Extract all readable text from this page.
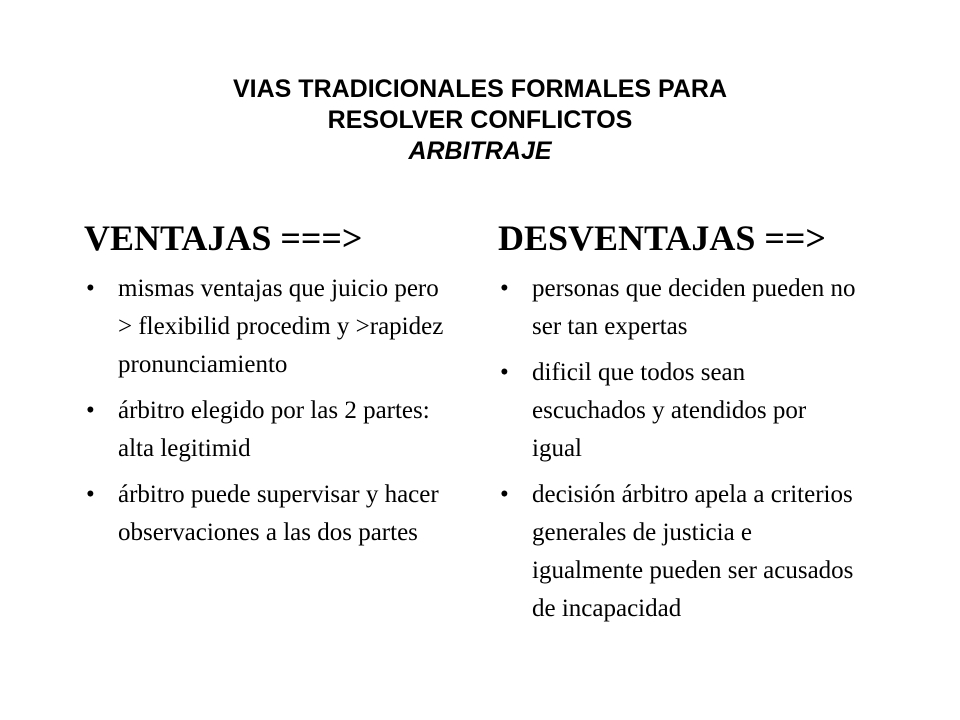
VIAS TRADICIONALES FORMALES PARA
RESOLVER CONFLICTOS
ARBITRAJE
VENTAJAS ===>
• mismas ventajas que juicio pero > flexibilid procedim y >rapidez pronunciamiento
• árbitro elegido por las 2 partes: alta legitimid
• árbitro puede supervisar y hacer observaciones a las dos partes
DESVENTAJAS ==>
• personas que deciden pueden no ser tan expertas
• dificil que todos sean escuchados y atendidos por igual
• decisión árbitro apela a criterios generales de justicia e igualmente pueden ser acusados de incapacidad
